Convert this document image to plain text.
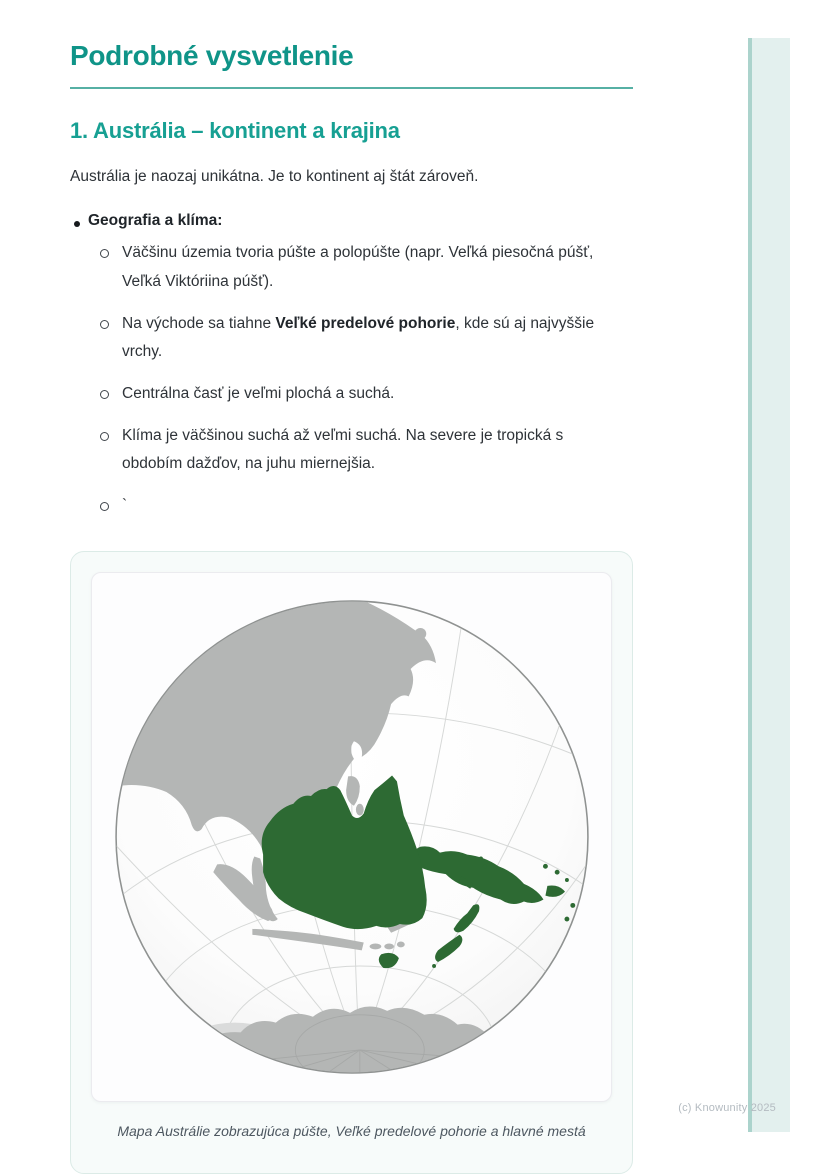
Podrobné vysvetlenie
1. Austrália – kontinent a krajina

Austrália je naozaj unikátna. Je to kontinent aj štát zároveň.

Geografia a klíma:
Väčšinu územia tvoria púšte a polopúšte (napr. Veľká piesočná púšť, Veľká Viktóriina púšť).
Na východe sa tiahne Veľké predelové pohorie, kde sú aj najvyššie vrchy.
Centrálna časť je veľmi plochá a suchá.
Klíma je väčšinou suchá až veľmi suchá. Na severe je tropická s obdobím dažďov, na juhu miernejšia.
`
Mapa Austrálie zobrazujúca púšte, Veľké predelové pohorie a hlavné mestá
(c) Knowunity 2025
